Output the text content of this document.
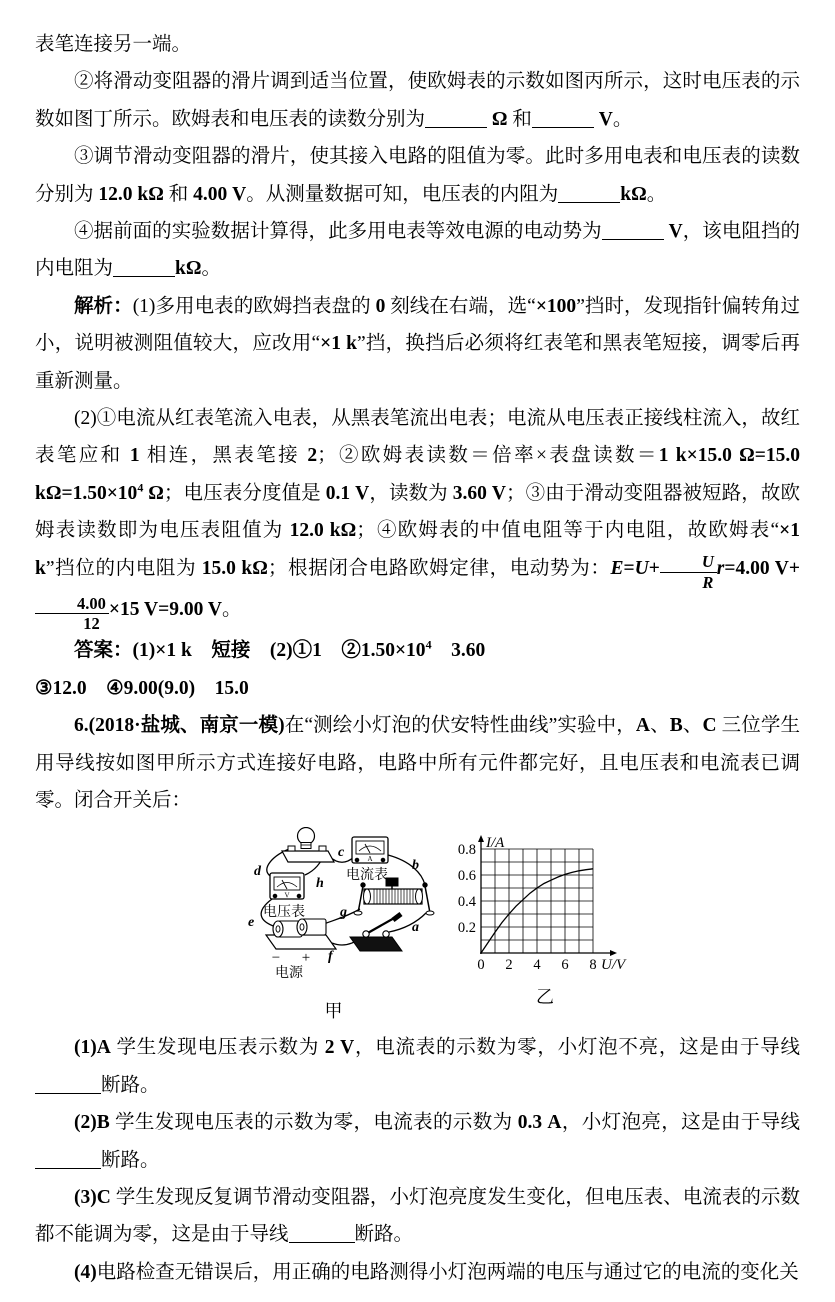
表笔连接另一端。
②将滑动变阻器的滑片调到适当位置，使欧姆表的示数如图丙所示，这时电压表的示数如图丁所示。欧姆表和电压表的读数分别为	Ω 和	V。
③调节滑动变阻器的滑片，使其接入电路的阻值为零。此时多用电表和电压表的读数分别为 12.0 kΩ 和 4.00 V。从测量数据可知，电压表的内阻为	kΩ。
④据前面的实验数据计算得，此多用电表等效电源的电动势为	V，该电阻挡的内电阻为	kΩ。
解析：(1)多用电表的欧姆挡表盘的 0 刻线在右端，选“×100”挡时，发现指针偏转角过小，说明被测阻值较大，应改用“×1 k”挡，换挡后必须将红表笔和黑表笔短接，调零后再重新测量。
(2)①电流从红表笔流入电表，从黑表笔流出电表；电流从电压表正接线柱流入，故红表笔应和 1 相连，黑表笔接 2；②欧姆表读数＝倍率×表盘读数＝1 k×15.0 Ω=15.0 $k\Omega=1.50\times 10^4$ Ω；电压表分度值是 0.1 V，读数为 3.60 V；③由于滑动变阻器被短路，故欧姆表读数即为电压表阻值为 12.0 kΩ；④欧姆表的中值电阻等于内电阻，故欧姆表“×1 k”挡位的内电阻为 15.0 kΩ；根据闭合电路欧姆定律，电动势为：$E=U+ \frac{U}{R} r=4.00$ V+
$\frac{4.00}{12} \times 15$ V=9.00 V。
答案：(1)×1 k　短接　(2)①1　$②1.50\times 10^4$　3.60
③12.0　④9.00(9.0)　15.0
6.(2018·盐城、南京一模)在“测绘小灯泡的伏安特性曲线”实验中，A、B、C 三位学生用导线按如图甲所示方式连接好电路，电路中所有元件都完好，且电压表和电流表已调零。闭合开关后：
A
V
− +
电流表
电压表
电源
d
c
b
h
e
g
f
a
甲
0 2 4 6 8
0.2
0.4
0.6
0.8 I/A
U/V
乙
(1)A 学生发现电压表示数为 2 V，电流表的示数为零，小灯泡不亮，这是由于导线断路。
(2)B 学生发现电压表的示数为零，电流表的示数为 0.3 A，小灯泡亮，这是由于导线断路。
(3)C 学生发现反复调节滑动变阻器，小灯泡亮度发生变化，但电压表、电流表的示数都不能调为零，这是由于导线	断路。
(4)电路检查无错误后，用正确的电路测得小灯泡两端的电压与通过它的电流的变化关
